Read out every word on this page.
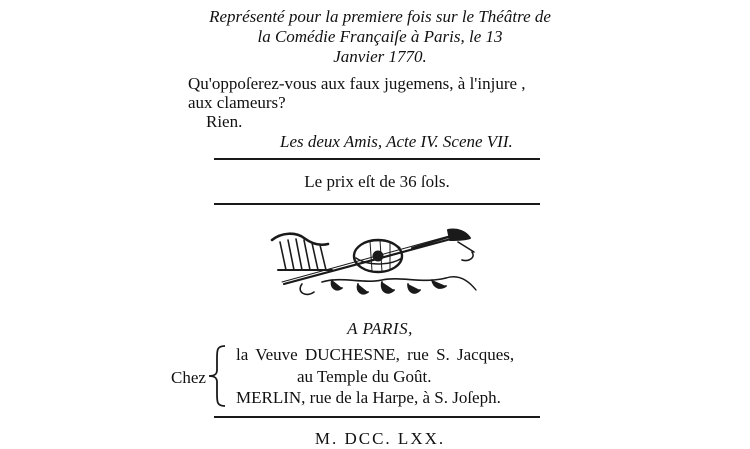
Représenté pour la premiere fois sur le Théâtre de
la Comédie Françaiſe à Paris, le 13
Janvier 1770.
Qu'oppoſerez-vous aux faux jugemens, à l'injure ,
aux clameurs?
Rien.
Les deux Amis, Acte IV. Scene VII.
Le prix eſt de 36 ſols.
A PARIS,
Chez
la Veuve DUCHESNE, rue S. Jacques,
au Temple du Goût.
MERLIN, rue de la Harpe, à S. Joſeph.
M. DCC. LXX.
